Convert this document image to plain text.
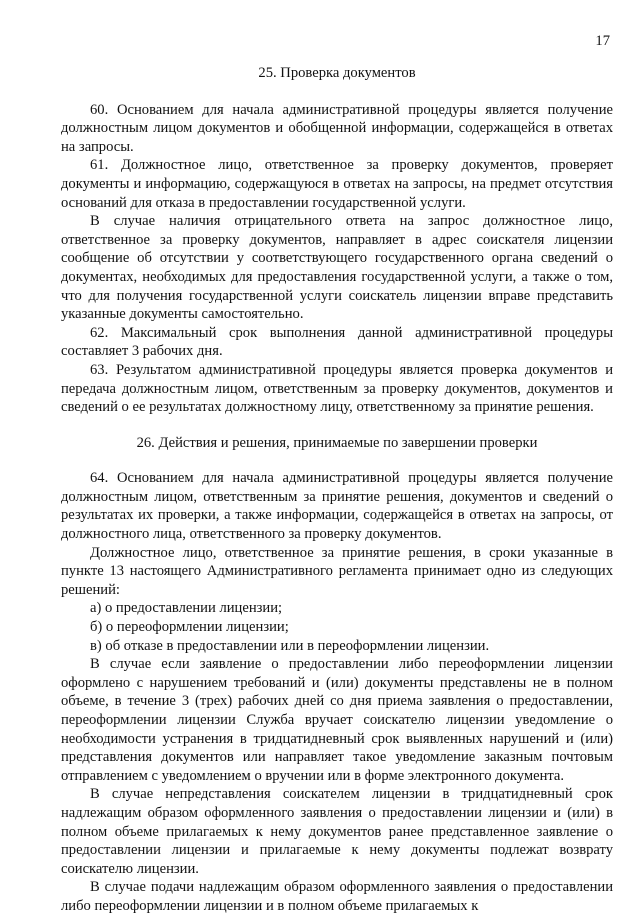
17
25. Проверка документов

60. Основанием для начала административной процедуры является получение должностным лицом документов и обобщенной информации, содержащейся в ответах на запросы.

61. Должностное лицо, ответственное за проверку документов, проверяет документы и информацию, содержащуюся в ответах на запросы, на предмет отсутствия оснований для отказа в предоставлении государственной услуги.

В случае наличия отрицательного ответа на запрос должностное лицо, ответственное за проверку документов, направляет в адрес соискателя лицензии сообщение об отсутствии у соответствующего государственного органа сведений о документах, необходимых для предоставления государственной услуги, а также о том, что для получения государственной услуги соискатель лицензии вправе представить указанные документы самостоятельно.

62. Максимальный срок выполнения данной административной процедуры составляет 3 рабочих дня.

63. Результатом административной процедуры является проверка документов и передача должностным лицом, ответственным за проверку документов, документов и сведений о ее результатах должностному лицу, ответственному за принятие решения.

26. Действия и решения, принимаемые по завершении проверки

64. Основанием для начала административной процедуры является получение должностным лицом, ответственным за принятие решения, документов и сведений о результатах их проверки, а также информации, содержащейся в ответах на запросы, от должностного лица, ответственного за проверку документов.

Должностное лицо, ответственное за принятие решения, в сроки указанные в пункте 13 настоящего Административного регламента принимает одно из следующих решений:

а) о предоставлении лицензии;

б) о переоформлении лицензии;

в) об отказе в предоставлении или в переоформлении лицензии.

В случае если заявление о предоставлении либо переоформлении лицензии оформлено с нарушением требований и (или) документы представлены не в полном объеме, в течение 3 (трех) рабочих дней со дня приема заявления о предоставлении, переоформлении лицензии Служба вручает соискателю лицензии уведомление о необходимости устранения в тридцатидневный срок выявленных нарушений и (или) представления документов или направляет такое уведомление заказным почтовым отправлением с уведомлением о вручении или в форме электронного документа.

В случае непредставления соискателем лицензии в тридцатидневный срок надлежащим образом оформленного заявления о предоставлении лицензии и (или) в полном объеме прилагаемых к нему документов ранее представленное заявление о предоставлении лицензии и прилагаемые к нему документы подлежат возврату соискателю лицензии.

В случае подачи надлежащим образом оформленного заявления о предоставлении либо переоформлении лицензии и в полном объеме прилагаемых к
